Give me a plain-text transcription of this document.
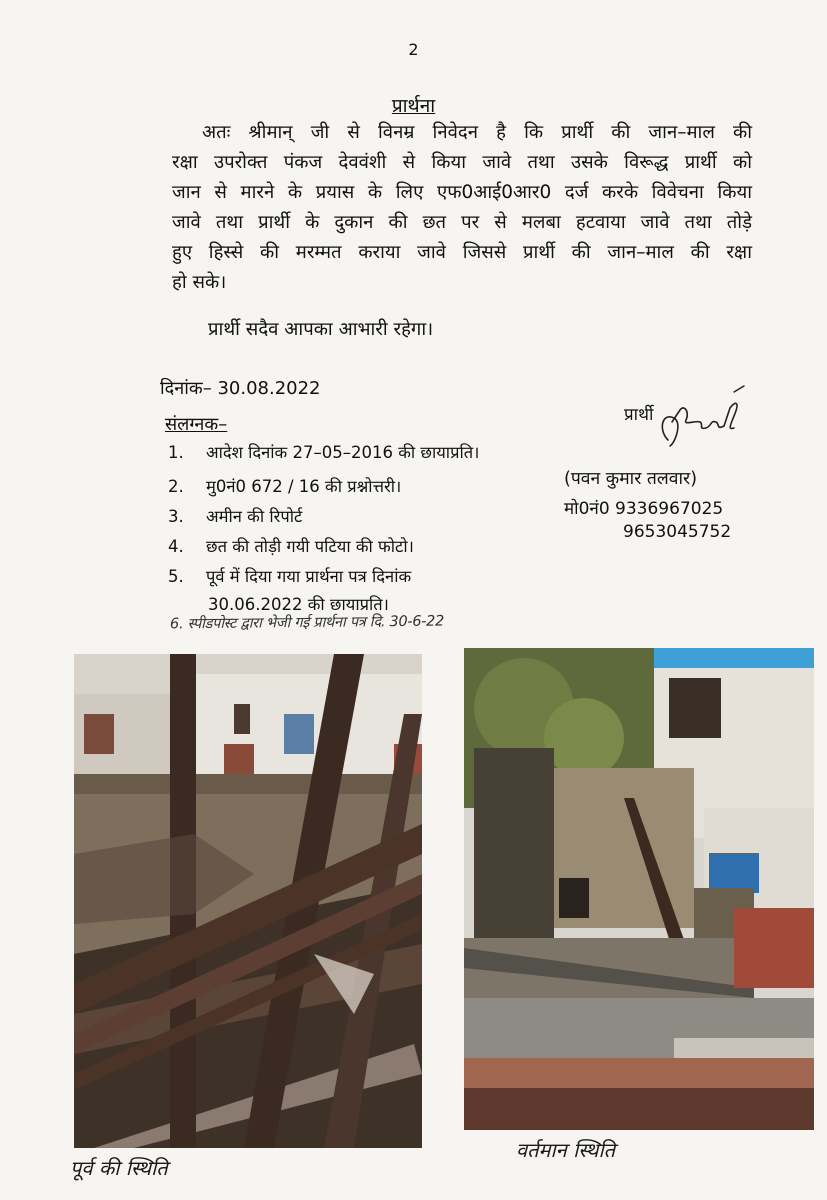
2
प्रार्थना
अतः श्रीमान् जी से विनम्र निवेदन है कि प्रार्थी की जान–माल की
रक्षा उपरोक्त पंकज देववंशी से किया जावे तथा उसके विरूद्ध प्रार्थी को
जान से मारने के प्रयास के लिए एफ0आई0आर0 दर्ज करके विवेचना किया
जावे तथा प्रार्थी के दुकान की छत पर से मलबा हटवाया जावे तथा तोड़े
हुए हिस्से की मरम्मत कराया जावे जिससे प्रार्थी की जान–माल की रक्षा
हो सके।
प्रार्थी सदैव आपका आभारी रहेगा।
दिनांक– 30.08.2022
संलग्नक–
1. आदेश दिनांक 27–05–2016 की छायाप्रति।
2. मु0नं0 672 / 16 की प्रश्नोत्तरी।
3. अमीन की रिपोर्ट
4. छत की तोड़ी गयी पटिया की फोटो।
5. पूर्व में दिया गया प्रार्थना पत्र दिनांक
30.06.2022 की छायाप्रति।
6. स्पीडपोस्ट द्वारा भेजी गई प्रार्थना पत्र दि. 30-6-22
प्रार्थी
(पवन कुमार तलवार)
मो0नं0 9336967025
9653045752
पूर्व की स्थिति
वर्तमान स्थिति
